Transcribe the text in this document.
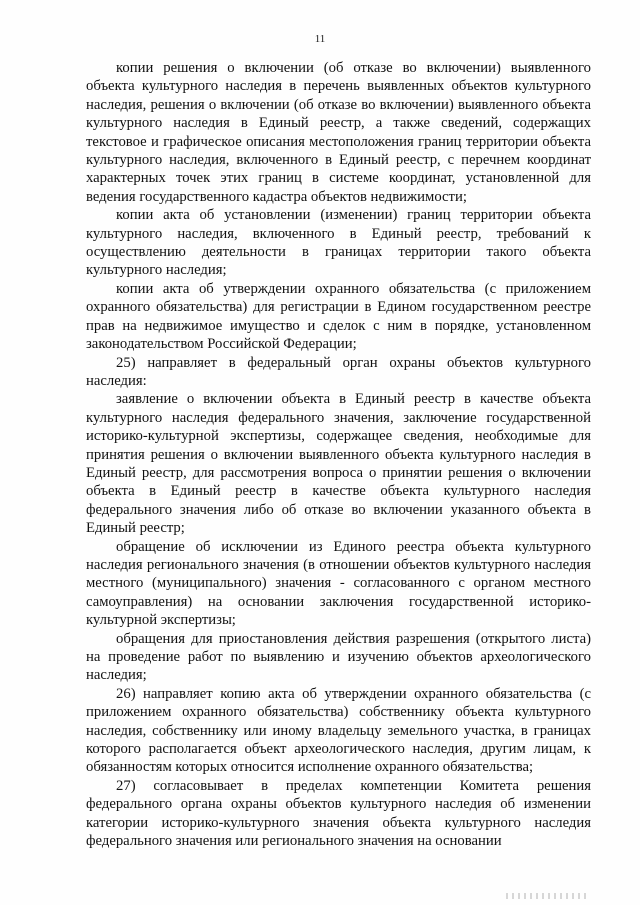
11

копии решения о включении (об отказе во включении) выявленного объекта культурного наследия в перечень выявленных объектов культурного наследия, решения о включении (об отказе во включении) выявленного объекта культурного наследия в Единый реестр, а также сведений, содержащих текстовое и графическое описания местоположения границ территории объекта культурного наследия, включенного в Единый реестр, с перечнем координат характерных точек этих границ в системе координат, установленной для ведения государственного кадастра объектов недвижимости;

копии акта об установлении (изменении) границ территории объекта культурного наследия, включенного в Единый реестр, требований к осуществлению деятельности в границах территории такого объекта культурного наследия;

копии акта об утверждении охранного обязательства (с приложением охранного обязательства) для регистрации в Едином государственном реестре прав на недвижимое имущество и сделок с ним в порядке, установленном законодательством Российской Федерации;

25) направляет в федеральный орган охраны объектов культурного наследия:

заявление о включении объекта в Единый реестр в качестве объекта культурного наследия федерального значения, заключение государственной историко-культурной экспертизы, содержащее сведения, необходимые для принятия решения о включении выявленного объекта культурного наследия в Единый реестр, для рассмотрения вопроса о принятии решения о включении объекта в Единый реестр в качестве объекта культурного наследия федерального значения либо об отказе во включении указанного объекта в Единый реестр;

обращение об исключении из Единого реестра объекта культурного наследия регионального значения (в отношении объектов культурного наследия местного (муниципального) значения - согласованного с органом местного самоуправления) на основании заключения государственной историко-культурной экспертизы;

обращения для приостановления действия разрешения (открытого листа) на проведение работ по выявлению и изучению объектов археологического наследия;

26) направляет копию акта об утверждении охранного обязательства (с приложением охранного обязательства) собственнику объекта культурного наследия, собственнику или иному владельцу земельного участка, в границах которого располагается объект археологического наследия, другим лицам, к обязанностям которых относится исполнение охранного обязательства;

27) согласовывает в пределах компетенции Комитета решения федерального органа охраны объектов культурного наследия об изменении категории историко-культурного значения объекта культурного наследия федерального значения или регионального значения на основании
